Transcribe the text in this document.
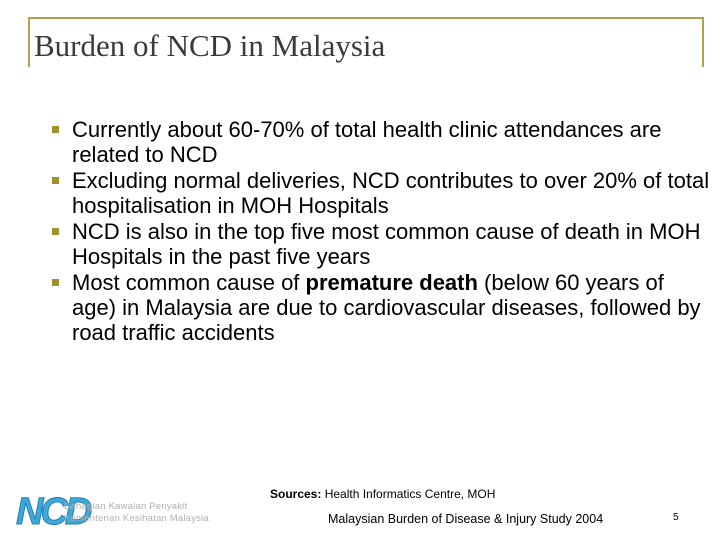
Burden of NCD in Malaysia
Currently about 60-70% of total health clinic attendances are related to NCD
Excluding normal deliveries, NCD contributes to over 20% of total hospitalisation in MOH Hospitals
NCD is also in the top five most common cause of death in MOH Hospitals in the past five years
Most common cause of premature death (below 60 years of age) in Malaysia are due to cardiovascular diseases, followed by road traffic accidents
Sources: Health Informatics Centre, MOH
Malaysian Burden of Disease & Injury Study 2004	5
NCD
Bahagian Kawalan Penyakit
Kementerian Kesihatan Malaysia
